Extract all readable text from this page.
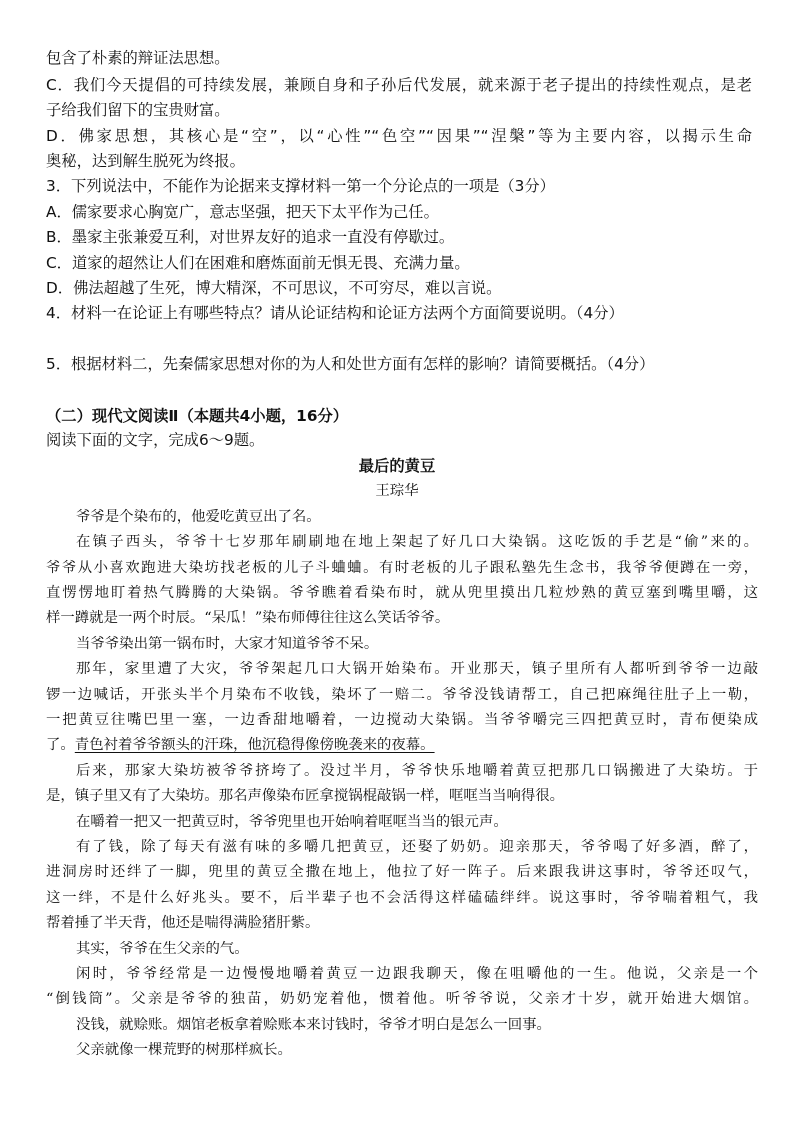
包含了朴素的辩证法思想。
C．我们今天提倡的可持续发展，兼顾自身和子孙后代发展，就来源于老子提出的持续性观点，是老
子给我们留下的宝贵财富。
D．佛家思想，其核心是“空”，以“心性”“色空”“因果”“涅槃”等为主要内容，以揭示生命
奥秘，达到解生脱死为终报。
3．下列说法中，不能作为论据来支撑材料一第一个分论点的一项是（3分）
A．儒家要求心胸宽广，意志坚强，把天下太平作为己任。
B．墨家主张兼爱互利，对世界友好的追求一直没有停歇过。
C．道家的超然让人们在困难和磨炼面前无惧无畏、充满力量。
D．佛法超越了生死，博大精深，不可思议，不可穷尽，难以言说。
4．材料一在论证上有哪些特点？请从论证结构和论证方法两个方面简要说明。（4分）
5．根据材料二，先秦儒家思想对你的为人和处世方面有怎样的影响？请简要概括。（4分）
（二）现代文阅读Ⅱ（本题共4小题，16分）
阅读下面的文字，完成6～9题。
最后的黄豆
王琮华
爷爷是个染布的，他爱吃黄豆出了名。
在镇子西头，爷爷十七岁那年刷刷地在地上架起了好几口大染锅。这吃饭的手艺是“偷”来的。
爷爷从小喜欢跑进大染坊找老板的儿子斗蛐蛐。有时老板的儿子跟私塾先生念书，我爷爷便蹲在一旁，
直愣愣地盯着热气腾腾的大染锅。爷爷瞧着看染布时，就从兜里摸出几粒炒熟的黄豆塞到嘴里嚼，这
样一蹲就是一两个时辰。“呆瓜！”染布师傅往往这么笑话爷爷。
当爷爷染出第一锅布时，大家才知道爷爷不呆。
那年，家里遭了大灾，爷爷架起几口大锅开始染布。开业那天，镇子里所有人都听到爷爷一边敲
锣一边喊话，开张头半个月染布不收钱，染坏了一赔二。爷爷没钱请帮工，自己把麻绳往肚子上一勒，
一把黄豆往嘴巴里一塞，一边香甜地嚼着，一边搅动大染锅。当爷爷嚼完三四把黄豆时，青布便染成
了。青色衬着爷爷额头的汗珠，他沉稳得像傍晚袭来的夜幕。
后来，那家大染坊被爷爷挤垮了。没过半月，爷爷快乐地嚼着黄豆把那几口锅搬进了大染坊。于
是，镇子里又有了大染坊。那名声像染布匠拿搅锅棍敲锅一样，哐哐当当响得很。
在嚼着一把又一把黄豆时，爷爷兜里也开始响着哐哐当当的银元声。
有了钱，除了每天有滋有味的多嚼几把黄豆，还娶了奶奶。迎亲那天，爷爷喝了好多酒，醉了，
进洞房时还绊了一脚，兜里的黄豆全撒在地上，他拉了好一阵子。后来跟我讲这事时，爷爷还叹气，
这一绊，不是什么好兆头。要不，后半辈子也不会活得这样磕磕绊绊。说这事时，爷爷喘着粗气，我
帮着捶了半天背，他还是喘得满脸猪肝紫。
其实，爷爷在生父亲的气。
闲时，爷爷经常是一边慢慢地嚼着黄豆一边跟我聊天，像在咀嚼他的一生。他说，父亲是一个
“倒钱筒”。父亲是爷爷的独苗，奶奶宠着他，惯着他。听爷爷说，父亲才十岁，就开始进大烟馆。
没钱，就赊账。烟馆老板拿着赊账本来讨钱时，爷爷才明白是怎么一回事。
父亲就像一棵荒野的树那样疯长。
